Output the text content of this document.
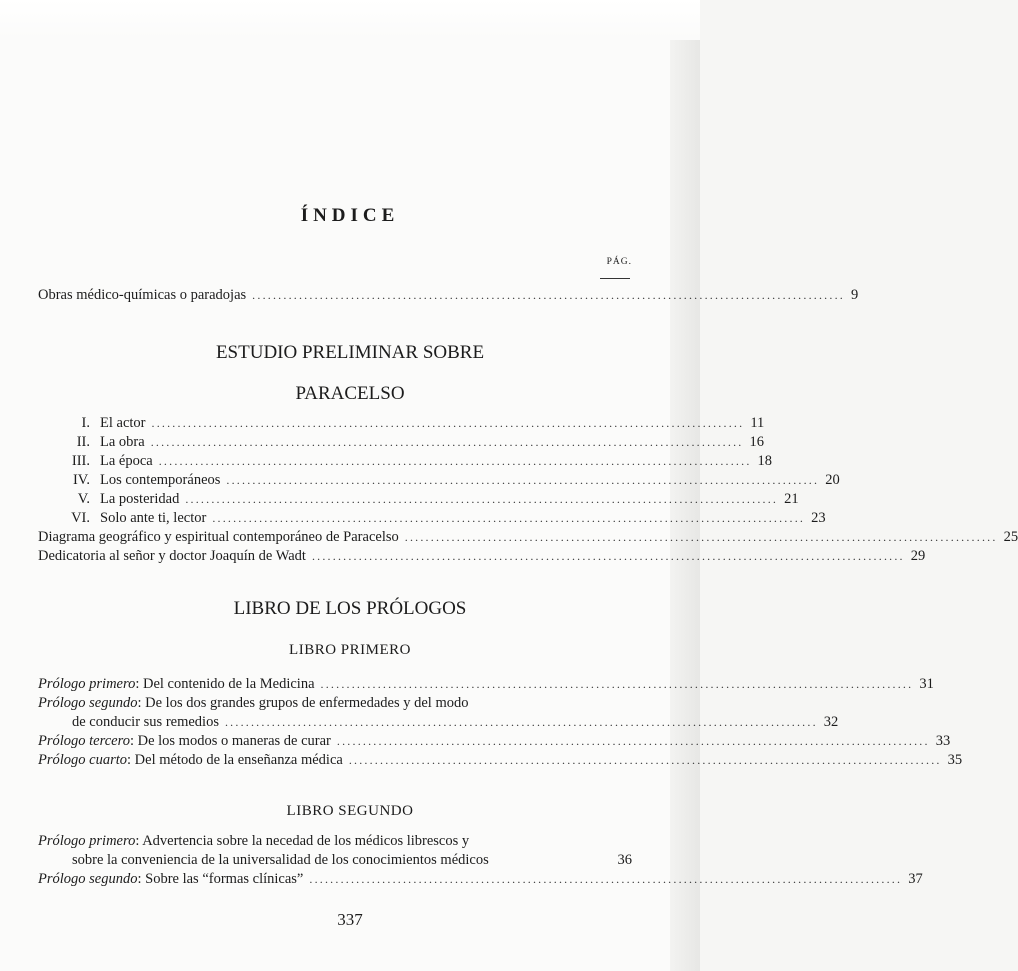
ÍNDICE
PÁG.
Obras médico-químicas o paradojas .................................................................................................................. 9
ESTUDIO PRELIMINAR SOBRE
PARACELSO
I. El actor .................................................................................................................. 11
II. La obra .................................................................................................................. 16
III. La época .................................................................................................................. 18
IV. Los contemporáneos .................................................................................................................. 20
V. La posteridad .................................................................................................................. 21
VI. Solo ante ti, lector .................................................................................................................. 23
Diagrama geográfico y espiritual contemporáneo de Paracelso .................................................................................................................. 25
Dedicatoria al señor y doctor Joaquín de Wadt .................................................................................................................. 29
LIBRO DE LOS PRÓLOGOS
LIBRO PRIMERO
Prólogo primero: Del contenido de la Medicina .................................................................................................................. 31
Prólogo segundo: De los dos grandes grupos de enfermedades y del modo
de conducir sus remedios .................................................................................................................. 32
Prólogo tercero: De los modos o maneras de curar .................................................................................................................. 33
Prólogo cuarto: Del método de la enseñanza médica .................................................................................................................. 35
LIBRO SEGUNDO
Prólogo primero: Advertencia sobre la necedad de los médicos librescos y
sobre la conveniencia de la universalidad de los conocimientos médicos	36
Prólogo segundo: Sobre las “formas clínicas” .................................................................................................................. 37
337
